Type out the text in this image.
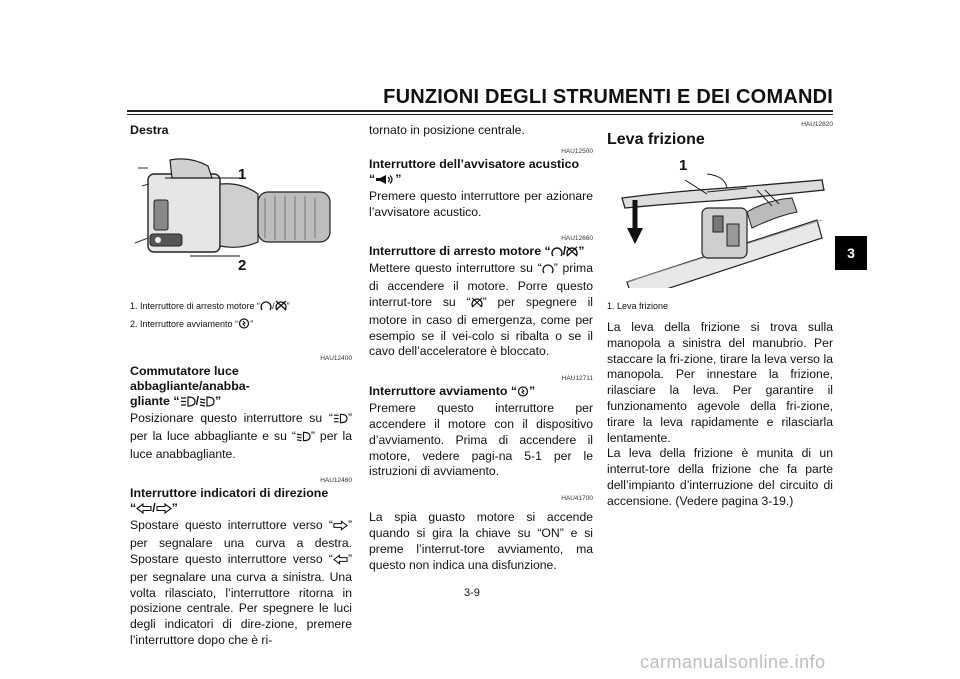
FUNZIONI DEGLI STRUMENTI E DEI COMANDI
3

Destra

1
2

1. Interruttore di arresto motore “ / ”

2. Interruttore avviamento “ ”

HAU12400

Commutatore luce abbagliante/anabba-

gliante “ / ”

Posizionare questo interruttore su “ ” per la luce abbagliante e su “ ” per la luce anabbagliante.

HAU12460

Interruttore indicatori di direzione

“ / ”

Spostare questo interruttore verso “ ” per segnalare una curva a destra. Spostare questo interruttore verso “ ” per segnalare una curva a sinistra. Una volta rilasciato, l’interruttore ritorna in posizione centrale. Per spegnere le luci degli indicatori di dire-zione, premere l’interruttore dopo che è ri-

tornato in posizione centrale.

HAU12500

Interruttore dell’avvisatore acustico

“ ”

Premere questo interruttore per azionare l’avvisatore acustico.

HAU12660

Interruttore di arresto motore “ / ”

Mettere questo interruttore su “ ” prima di accendere il motore. Porre questo interrut-tore su “ ” per spegnere il motore in caso di emergenza, come per esempio se il vei-colo si ribalta o se il cavo dell’acceleratore è bloccato.

HAU12711

Interruttore avviamento “ ”

Premere questo interruttore per accendere il motore con il dispositivo d’avviamento. Prima di accendere il motore, vedere pagi-na 5-1 per le istruzioni di avviamento.

HAU41700

La spia guasto motore si accende quando si gira la chiave su “ON” e si preme l’interrut-tore avviamento, ma questo non indica una disfunzione.

HAU12820

Leva frizione

1

1. Leva frizione

La leva della frizione si trova sulla manopola a sinistra del manubrio. Per staccare la fri-zione, tirare la leva verso la manopola. Per innestare la frizione, rilasciare la leva. Per garantire il funzionamento agevole della fri-zione, tirare la leva rapidamente e rilasciarla lentamente.

La leva della frizione è munita di un interrut-tore della frizione che fa parte dell’impianto d’interruzione del circuito di accensione. (Vedere pagina 3-19.)

3-9
carmanualsonline.info
